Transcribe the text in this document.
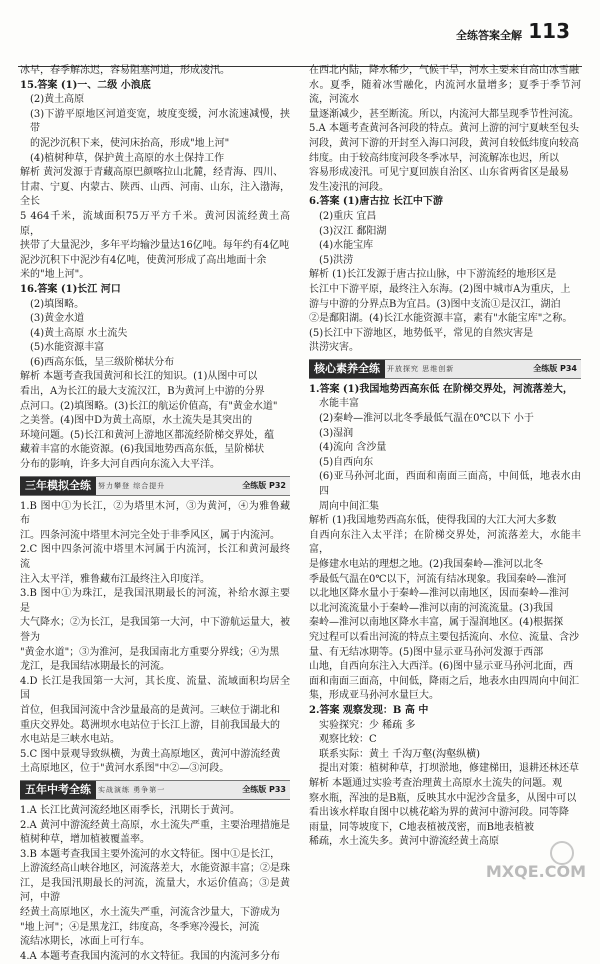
全练答案全解 113

冰早，春季解冻迟，容易阻塞河道，形成凌汛。

15.答案 (1)一、二级 小浪底

(2)黄土高原

(3)下游平原地区河道变宽，坡度变缓，河水流速减慢，挟带

的泥沙沉积下来，使河床抬高，形成"地上河"

(4)植树种草，保护黄土高原的水土保持工作

解析 黄河发源于青藏高原巴颜喀拉山北麓，经青海、四川、

甘肃、宁夏、内蒙古、陕西、山西、河南、山东，注入渤海，全长

5 464千米，流域面积75万平方千米。黄河因流经黄土高原，

挟带了大量泥沙，多年平均输沙量达16亿吨。每年约有4亿吨

泥沙沉积下中泥沙有4亿吨，使黄河形成了高出地面十余

米的"地上河"。

16.答案 (1)长江 河口

(2)填图略。

(3)黄金水道

(4)黄土高原 水土流失

(5)水能资源丰富

(6)西高东低，呈三级阶梯状分布

解析 本题考查我国黄河和长江的知识。(1)从图中可以

看出，A为长江的最大支流汉江，B为黄河上中游的分界

点河口。(2)填图略。(3)长江的航运价值高，有"黄金水道"

之美誉。(4)图中D为黄土高原，水土流失是其突出的

环境问题。(5)长江和黄河上游地区都流经阶梯交界处，蕴

藏着丰富的水能资源。(6)我国地势西高东低，呈阶梯状

分布的影响，许多大河自西向东流入大平洋。

三年模拟全练	努力攀登 综合提升	全练版 P32

1.B 图中①为长江，②为塔里木河，③为黄河，④为雅鲁藏布

江。四条河流中塔里木河完全处于非季风区，属于内流河。

2.C 图中四条河流中塔里木河属于内流河，长江和黄河最终流

注入太平洋，雅鲁藏布江最终注入印度洋。

3.B 图中①为珠江，是我国汛期最长的河流，补给水源主要是

大气降水；②为长江，是我国第一大河，中下游航运量大，被誉为

"黄金水道"；③为淮河，是我国南北方重要分界线；④为黑

龙江，是我国结冰期最长的河流。

4.D 长江是我国第一大河，其长度、流量、流域面积均居全国

首位，但我国河流中含沙量最高的是黄河。三峡位于湖北和

重庆交界处。葛洲坝水电站位于长江上游，目前我国最大的

水电站是三峡水电站。

5.C 图中景观导致纵横，为黄土高原地区，黄河中游流经黄

土高原地区，位于"黄河水系图"中②—③河段。

五年中考全练	实战演练 勇争第一	全练版 P33

1.A 长江比黄河流经地区雨季长，汛期长于黄河。

2.A 黄河中游流经黄土高原，水土流失严重，主要治理措施是

植树种草，增加植被覆盖率。

3.B 本题考查我国主要外流河的水文特征。图中①是长江，

上游流经高山峡谷地区，河流落差大，水能资源丰富；②是珠

江，是我国汛期最长的河流，流量大，水运价值高；③是黄河，中游

经黄土高原地区，水土流失严重，河流含沙量大，下游成为

"地上河"；④是黑龙江，纬度高，冬季寒冷漫长，河流

流结冰期长，冰面上可行车。

4.A 本题考查我国内流河的水文特征。我国的内流河多分布

在西北内陆，降水稀少，气候干旱，河水主要来自高山冰雪融

水。夏季，随着冰雪融化，内流河水量增多；夏季于季节河流，河流水

量逐渐减少，甚至断流。所以，内流河大都呈现季节性河流。

5.A 本题考查黄河各河段的特点。黄河上游的河宁夏峡至包头

河段，黄河下游的开封至入海口河段，黄河自较低纬度向较高

纬度。由于较高纬度河段冬季冰早，河流解冻也迟，所以

容易形成凌汛。可见宁夏回族自治区、山东省两省区是最易

发生凌汛的河段。

6.答案 (1)唐古拉 长江中下游

(2)重庆 宜昌

(3)汉江 鄱阳湖

(4)水能宝库

(5)洪涝

解析 (1)长江发源于唐古拉山脉，中下游流经的地形区是

长江中下游平原，最终注入东海。(2)图中城市A为重庆，上

游与中游的分界点B为宜昌。(3)图中支流①是汉江，湖泊

②是鄱阳湖。(4)长江水能资源丰富，素有"水能宝库"之称。

(5)长江中下游地区，地势低平，常见的自然灾害是

洪涝灾害。

核心素养全练	开放探究 思维创新	全练版 P34

1.答案 (1)我国地势西高东低 在阶梯交界处，河流落差大，

水能丰富

(2)秦岭—淮河以北冬季最低气温在0℃以下 小于

(3)湿润

(4)流向 含沙量

(5)自西向东

(6)亚马孙河北面，西面和南面三面高，中间低，地表水由四

周向中间汇集

解析 (1)我国地势西高东低，使得我国的大江大河大多数

自西向东注入太平洋；在阶梯交界处，河流落差大，水能丰富，

是修建水电站的理想之地。(2)我国秦岭—淮河以北冬

季最低气温在0℃以下，河流有结冰现象。我国秦岭—淮河

以北地区降水量小于秦岭—淮河以南地区，因而秦岭—淮河

以北河流流量小于秦岭—淮河以南的河流流量。(3)我国

秦岭—淮河以南地区降水丰富，属于湿润地区。(4)根据探

究过程可以看出河流的特点主要包括流向、水位、流量、含沙

量、有无结冰期等。(5)图中显示亚马孙河发源于西部

山地，自西向东注入大西洋。(6)图中显示亚马孙河北面，西

面和南面三面高，中间低，降雨之后，地表水由四周向中间汇

集，形成亚马孙河水量巨大。

2.答案 观察发现：B 高 中

实验探究：少 稀疏 多

观察比较：C

联系实际：黄土 千沟万壑(沟壑纵横)

提出对策：植树种草，打坝淤地，修建梯田，退耕还林还草

解析 本题通过实验考查治理黄土高原水土流失的问题。观

察水瓶，浑浊的是B瓶，反映其水中泥沙含量多，从图中可以

看出该水样取自图中以桃花峪为界的黄河中游河段。同等降

雨量，同等坡度下，C地表植被茂密，而B地表植被

稀疏，水土流失多。黄河中游流经黄土高原

MXQE.COM
